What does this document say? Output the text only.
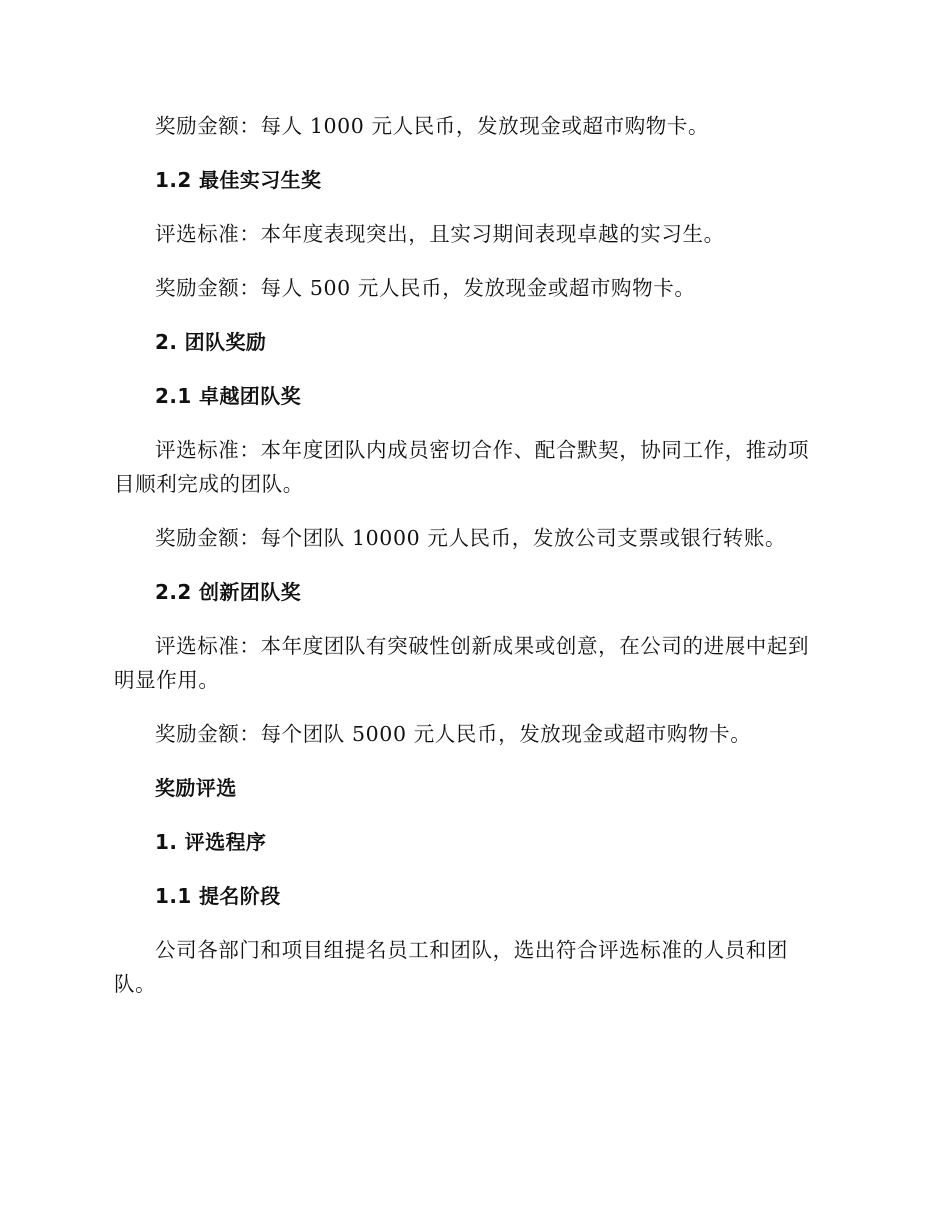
奖励金额：每人 1000 元人民币，发放现金或超市购物卡。

1.2 最佳实习生奖

评选标准：本年度表现突出，且实习期间表现卓越的实习生。

奖励金额：每人 500 元人民币，发放现金或超市购物卡。

2. 团队奖励

2.1 卓越团队奖

评选标准：本年度团队内成员密切合作、配合默契，协同工作，推动项目顺利完成的团队。

奖励金额：每个团队 10000 元人民币，发放公司支票或银行转账。

2.2 创新团队奖

评选标准：本年度团队有突破性创新成果或创意，在公司的进展中起到明显作用。

奖励金额：每个团队 5000 元人民币，发放现金或超市购物卡。

奖励评选

1. 评选程序

1.1 提名阶段

公司各部门和项目组提名员工和团队，选出符合评选标准的人员和团队。
